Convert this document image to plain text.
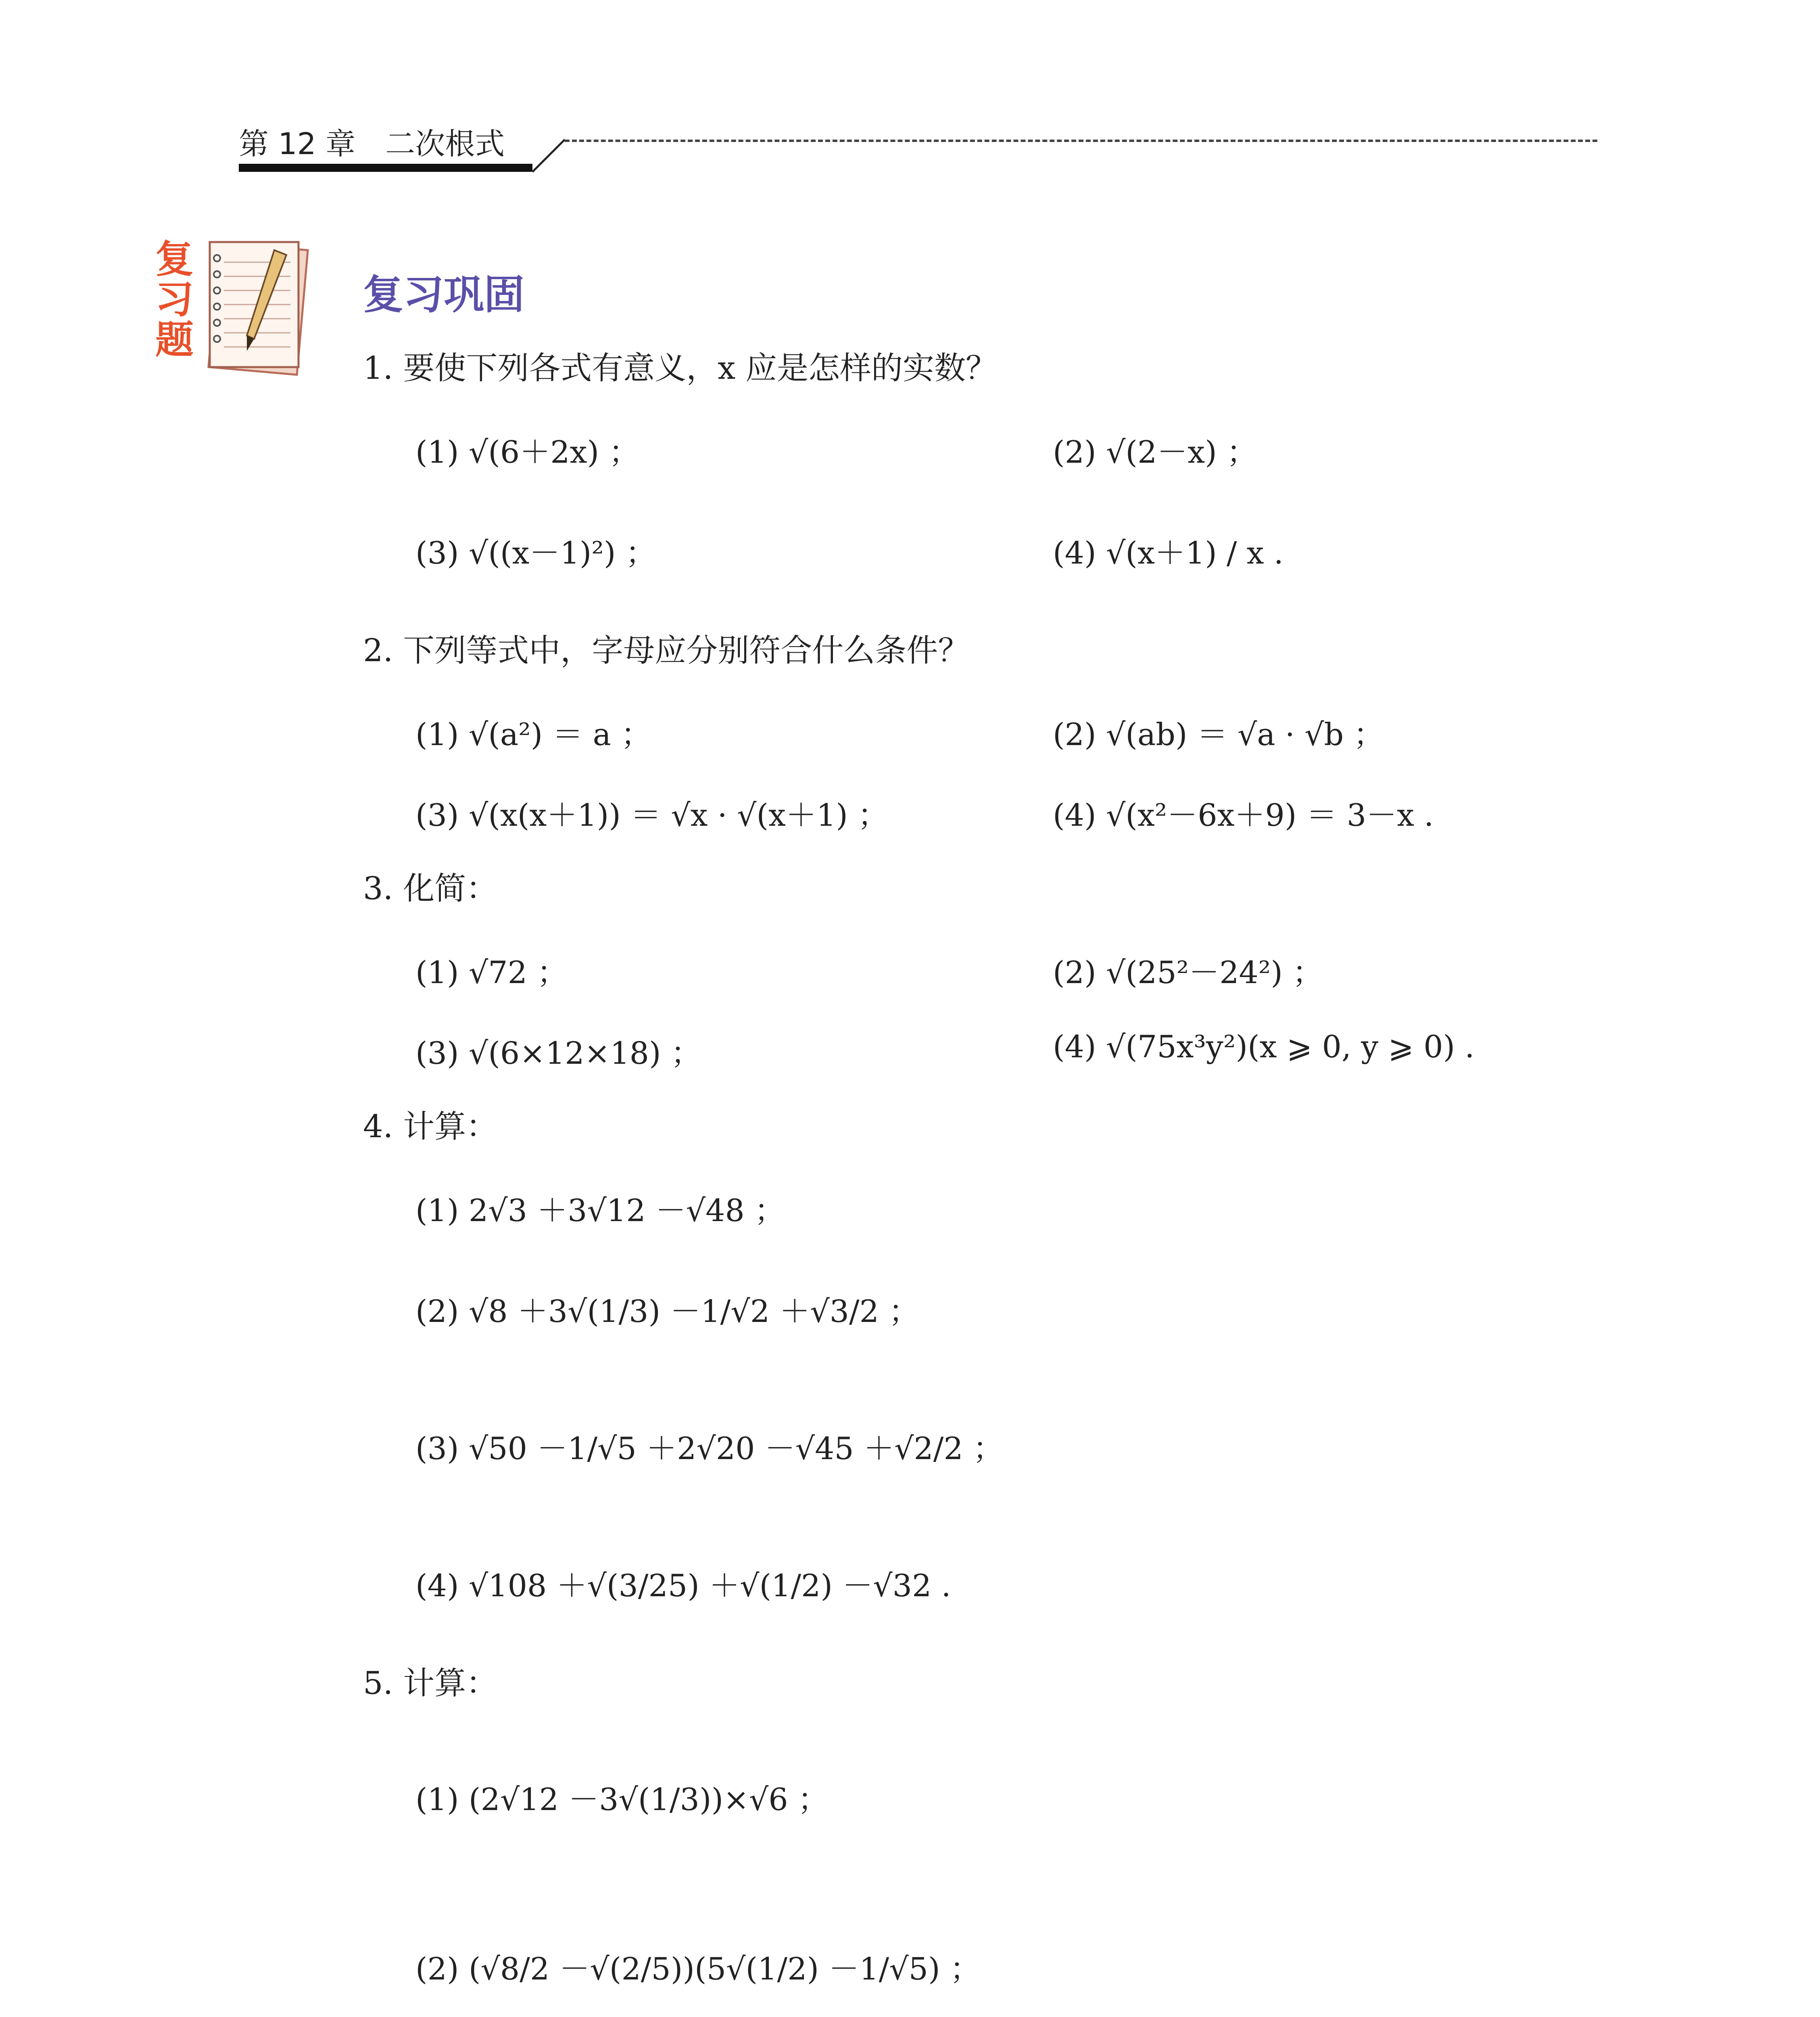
第 12 章　二次根式
复
习
题
复习巩固
1. 要使下列各式有意义，x 应是怎样的实数？
(1) √(6＋2x) ；	(2) √(2－x) ；
(3) √((x－1)²) ；	(4) √(x＋1) / x .
2. 下列等式中，字母应分别符合什么条件？
(1) √(a²) ＝ a ；	(2) √(ab) ＝ √a · √b ；
(3) √(x(x＋1)) ＝ √x · √(x＋1) ；	(4) √(x²－6x＋9) ＝ 3－x .
3. 化简：
(1) √72 ；	(2) √(25²－24²) ；
(3) √(6×12×18) ；	(4) √(75x³y²)(x ⩾ 0, y ⩾ 0) .
4. 计算：
(1) 2√3 ＋3√12 －√48 ；
(2) √8 ＋3√(1/3) －1/√2 ＋√3/2 ；
(3) √50 －1/√5 ＋2√20 －√45 ＋√2/2 ；
(4) √108 ＋√(3/25) ＋√(1/2) －√32 .
5. 计算：
(1) (2√12 －3√(1/3))×√6 ；
(2) (√8/2 －√(2/5))(5√(1/2) －1/√5) ；
